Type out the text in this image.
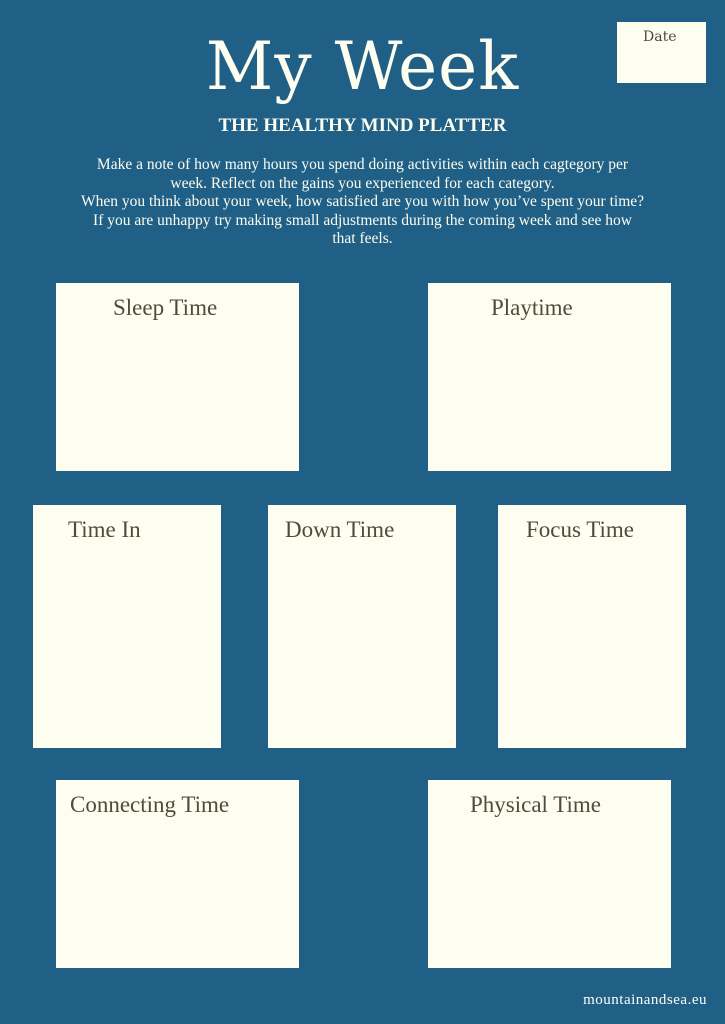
My Week	Date
THE HEALTHY MIND PLATTER

Make a note of how many hours you spend doing activities within each cagtegory per week. Reflect on the gains you experienced for each category.

When you think about your week, how satisfied are you with how you’ve spent your time? If you are unhappy try making small adjustments during the coming week and see how that feels.

Sleep Time	Playtime
Time In	Down Time	Focus Time
Connecting Time	Physical Time
mountainandsea.eu
